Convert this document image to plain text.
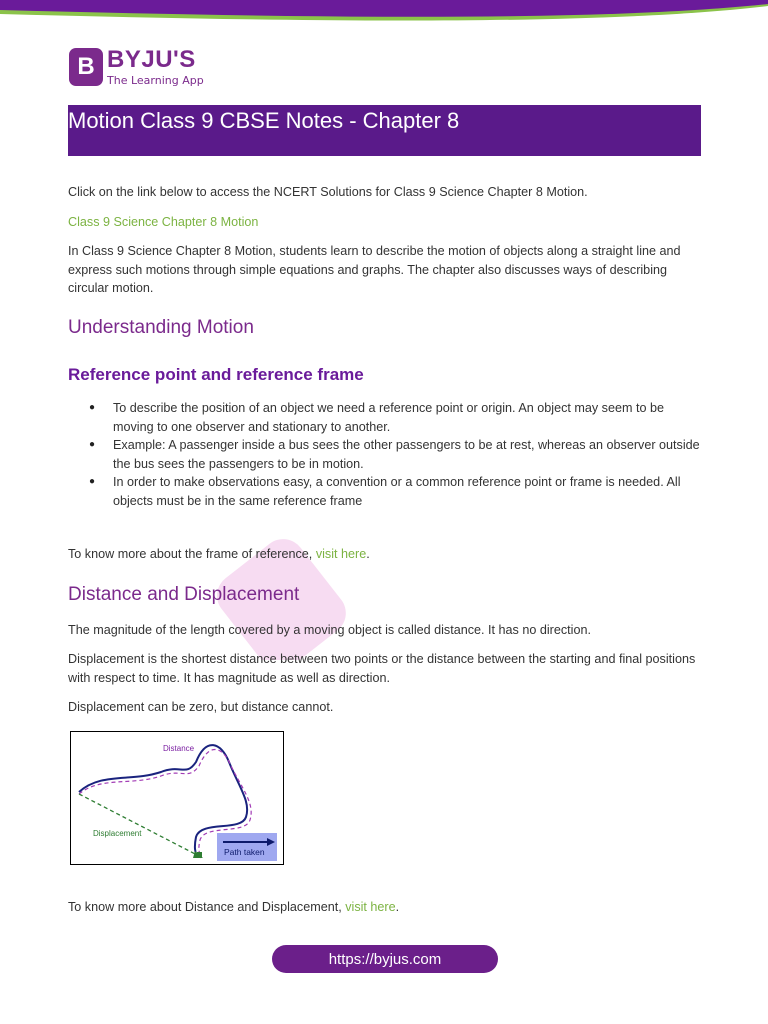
B BYJU'S
The Learning App
Motion Class 9 CBSE Notes - Chapter 8

Click on the link below to access the NCERT Solutions for Class 9 Science Chapter 8 Motion.

Class 9 Science Chapter 8 Motion

In Class 9 Science Chapter 8 Motion, students learn to describe the motion of objects along a straight line and express such motions through simple equations and graphs. The chapter also discusses ways of describing circular motion.

Understanding Motion
Reference point and reference frame
● To describe the position of an object we need a reference point or origin. An object may seem to be moving to one observer and stationary to another.
● Example: A passenger inside a bus sees the other passengers to be at rest, whereas an observer outside the bus sees the passengers to be in motion.
● In order to make observations easy, a convention or a common reference point or frame is needed. All objects must be in the same reference frame

To know more about the frame of reference, visit here.

Distance and Displacement

The magnitude of the length covered by a moving object is called distance. It has no direction.

Displacement is the shortest distance between two points or the distance between the starting and final positions with respect to time. It has magnitude as well as direction.

Displacement can be zero, but distance cannot.

To know more about Distance and Displacement, visit here.

Distance
Displacement
Path taken
https://byjus.com
